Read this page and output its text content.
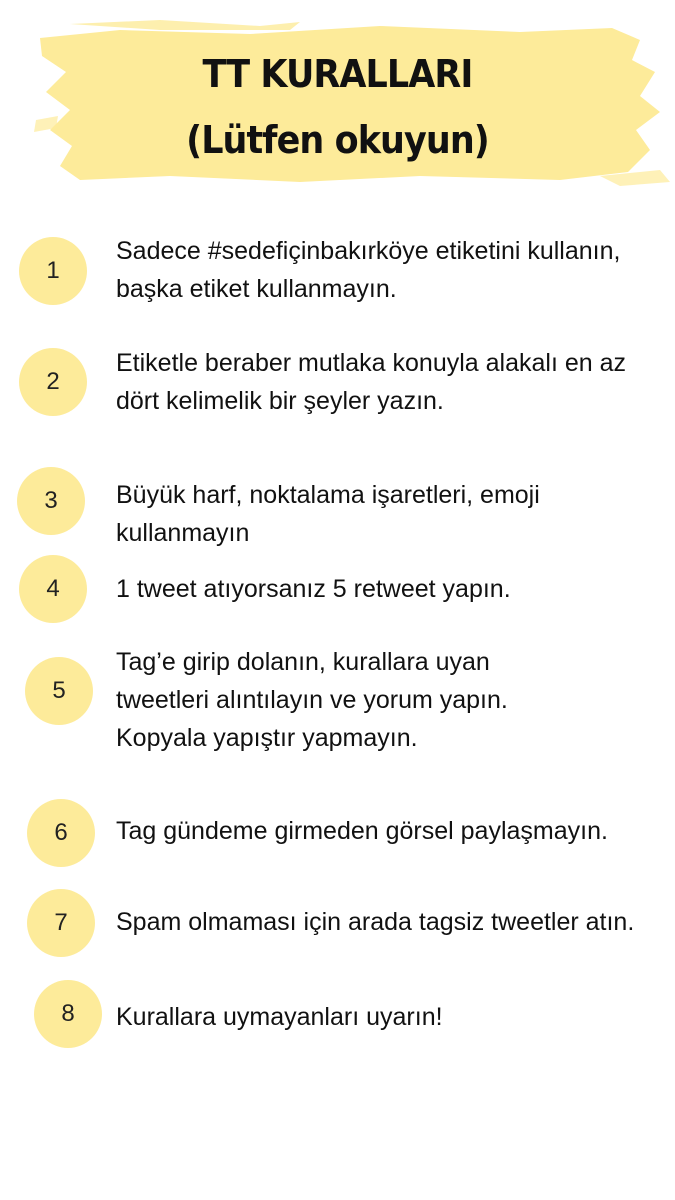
TT KURALLARI
(Lütfen okuyun)
1
Sadece #sedefiçinbakırköye etiketini kullanın, başka etiket kullanmayın.
2
Etiketle beraber mutlaka konuyla alakalı en az dört kelimelik bir şeyler yazın.
3	Büyük harf, noktalama işaretleri, emoji kullanmayın
4	1 tweet atıyorsanız 5 retweet yapın.
5
Tag’e girip dolanın, kurallara uyan tweetleri alıntılayın ve yorum yapın. Kopyala yapıştır yapmayın.
6	Tag gündeme girmeden görsel paylaşmayın.
7	Spam olmaması için arada tagsiz tweetler atın.
8	Kurallara uymayanları uyarın!
